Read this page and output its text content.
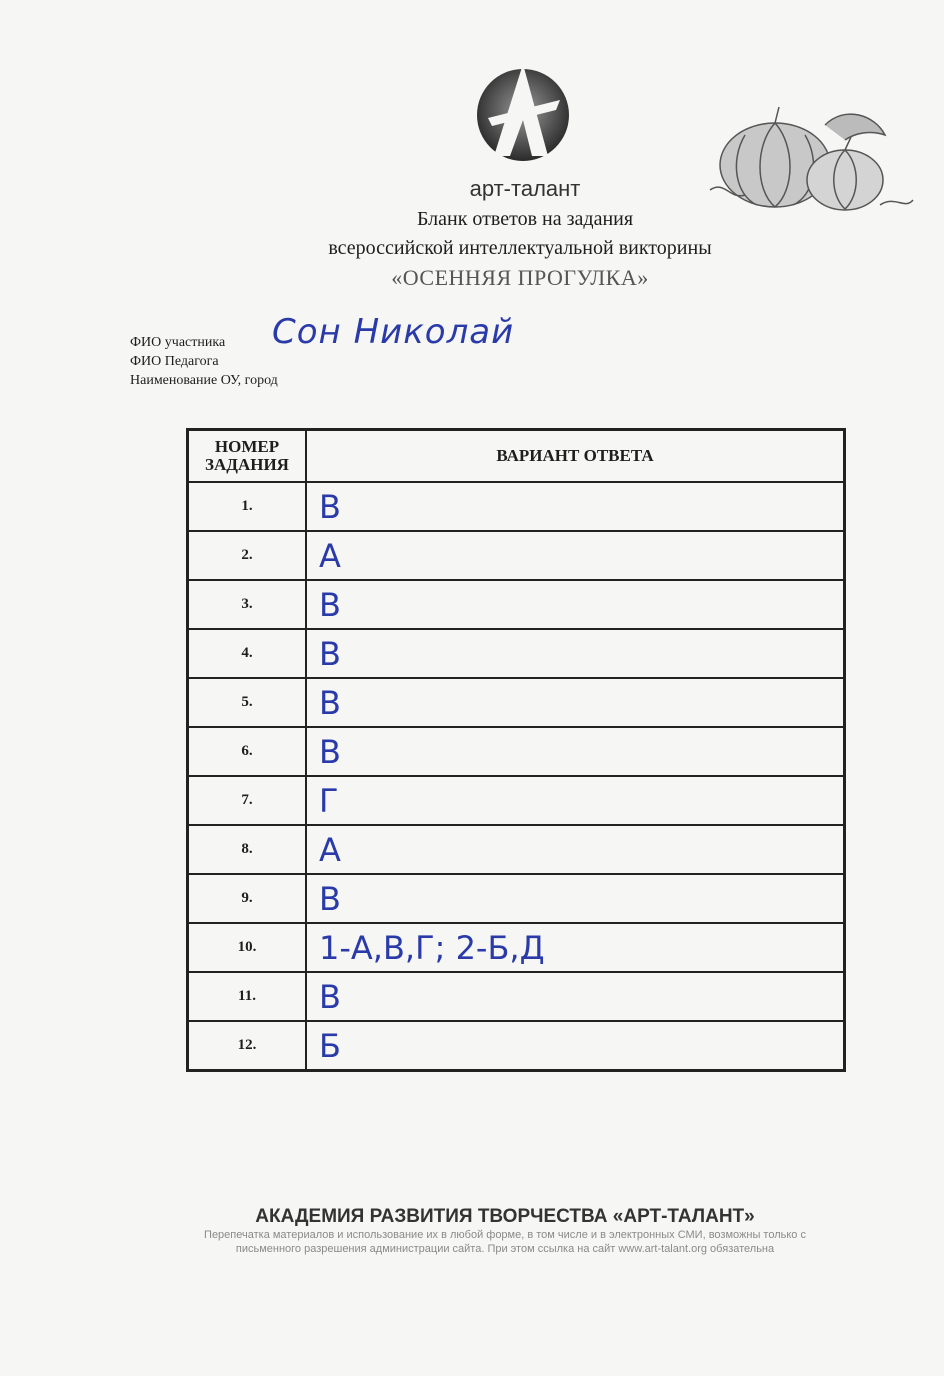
арт-талант
Бланк ответов на задания
всероссийской интеллектуальной викторины
«ОСЕННЯЯ ПРОГУЛКА»
ФИО участника
ФИО Педагога
Наименование ОУ, город
Сон Николай
НОМЕР ЗАДАНИЯ	ВАРИАНТ ОТВЕТА
1.	В
2.	А
3.	В
4.	В
5.	В
6.	В
7.	Г
8.	А
9.	В
10.	1-А,В,Г; 2-Б,Д
11.	В
12.	Б
АКАДЕМИЯ РАЗВИТИЯ ТВОРЧЕСТВА «АРТ-ТАЛАНТ»
Перепечатка материалов и использование их в любой форме, в том числе и в электронных СМИ, возможны только с
письменного разрешения администрации сайта. При этом ссылка на сайт www.art-talant.org обязательна
